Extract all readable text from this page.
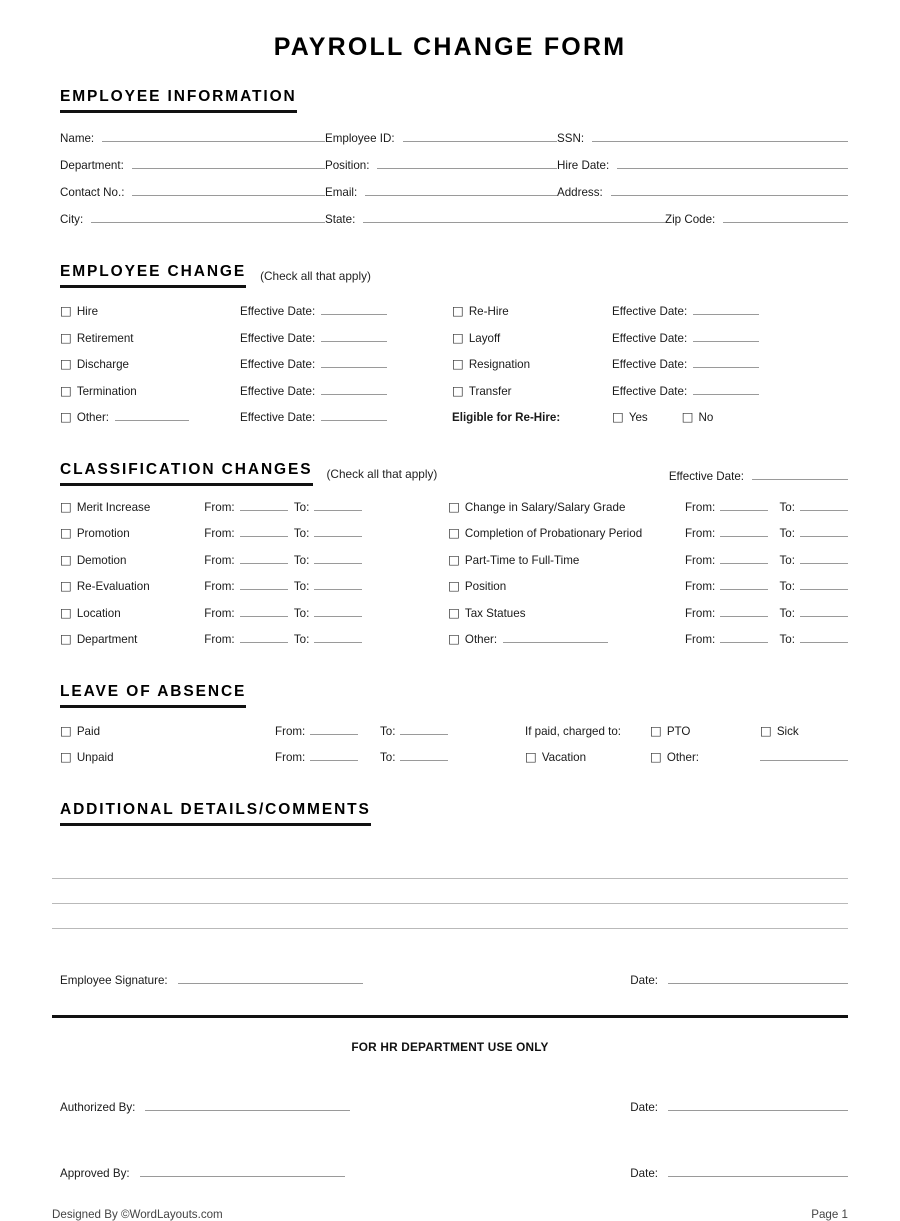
PAYROLL CHANGE FORM
EMPLOYEE INFORMATION
Name:	Employee ID:	SSN:
Department:	Position:	Hire Date:
Contact No.:	Email:	Address:
City:	State:	Zip Code:
EMPLOYEE CHANGE (Check all that apply)
□ Hire	Effective Date:	□ Re-Hire	Effective Date:
□ Retirement	Effective Date:	□ Layoff	Effective Date:
□ Discharge	Effective Date:	□ Resignation	Effective Date:
□ Termination	Effective Date:	□ Transfer	Effective Date:
□ Other:	Effective Date:	Eligible for Re-Hire:	□ Yes	□ No
CLASSIFICATION CHANGES (Check all that apply)	Effective Date:
□ Merit Increase	From:	To:	□ Change in Salary/Salary Grade	From:	To:
□ Promotion	From:	To:	□ Completion of Probationary Period	From:	To:
□ Demotion	From:	To:	□ Part-Time to Full-Time	From:	To:
□ Re-Evaluation	From:	To:	□ Position	From:	To:
□ Location	From:	To:	□ Tax Statues	From:	To:
□ Department	From:	To:	□ Other:	From:	To:
LEAVE OF ABSENCE
□ Paid	From:	To:	If paid, charged to: □ PTO	□ Sick
□ Unpaid	From:	To:	□ Vacation	□ Other:
ADDITIONAL DETAILS/COMMENTS
Employee Signature:	Date:
FOR HR DEPARTMENT USE ONLY
Authorized By:	Date:
Approved By:	Date:
Designed By ©WordLayouts.com	Page 1
